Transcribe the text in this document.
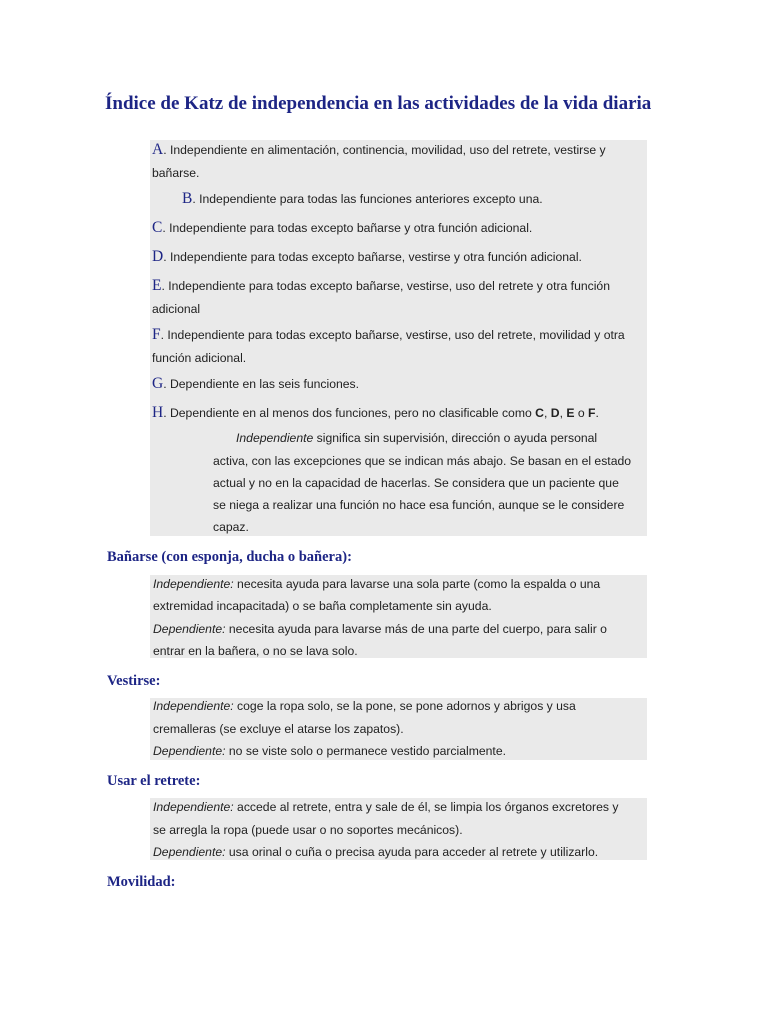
Índice de Katz de independencia en las actividades de la vida diaria
A. Independiente en alimentación, continencia, movilidad, uso del retrete, vestirse y
bañarse.
B. Independiente para todas las funciones anteriores excepto una.
C. Independiente para todas excepto bañarse y otra función adicional.
D. Independiente para todas excepto bañarse, vestirse y otra función adicional.
E. Independiente para todas excepto bañarse, vestirse, uso del retrete y otra función
adicional
F. Independiente para todas excepto bañarse, vestirse, uso del retrete, movilidad y otra
función adicional.
G. Dependiente en las seis funciones.
H. Dependiente en al menos dos funciones, pero no clasificable como C, D, E o F.
Independiente significa sin supervisión, dirección o ayuda personal
activa, con las excepciones que se indican más abajo. Se basan en el estado
actual y no en la capacidad de hacerlas. Se considera que un paciente que
se niega a realizar una función no hace esa función, aunque se le considere
capaz.
Bañarse (con esponja, ducha o bañera):
Independiente: necesita ayuda para lavarse una sola parte (como la espalda o una
extremidad incapacitada) o se baña completamente sin ayuda.
Dependiente: necesita ayuda para lavarse más de una parte del cuerpo, para salir o
entrar en la bañera, o no se lava solo.
Vestirse:
Independiente: coge la ropa solo, se la pone, se pone adornos y abrigos y usa
cremalleras (se excluye el atarse los zapatos).
Dependiente: no se viste solo o permanece vestido parcialmente.
Usar el retrete:
Independiente: accede al retrete, entra y sale de él, se limpia los órganos excretores y
se arregla la ropa (puede usar o no soportes mecánicos).
Dependiente: usa orinal o cuña o precisa ayuda para acceder al retrete y utilizarlo.
Movilidad:
